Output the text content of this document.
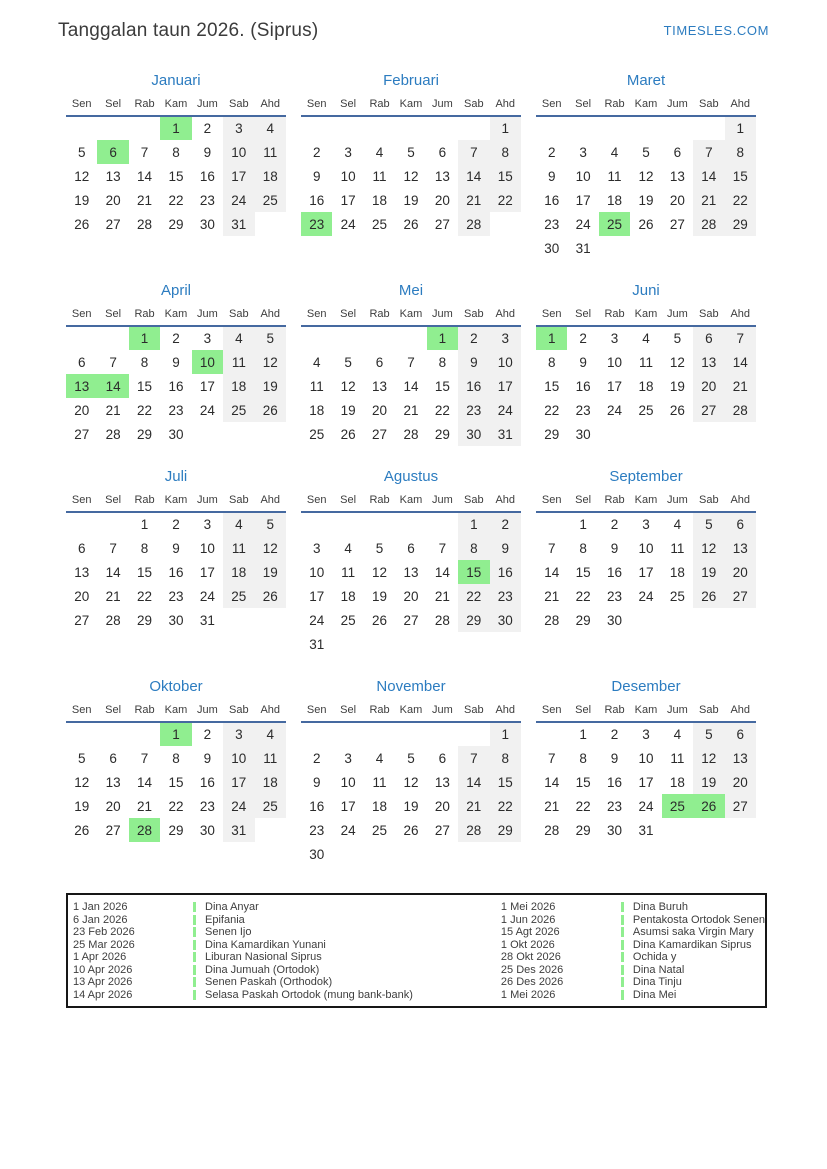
Tanggalan taun 2026. (Siprus)	TIMESLES.COM
Januari
Sen	Sel	Rab	Kam	Jum	Sab	Ahd
			1	2	3	4
5	6	7	8	9	10	11
12	13	14	15	16	17	18
19	20	21	22	23	24	25
26	27	28	29	30	31	
Februari
Sen	Sel	Rab	Kam	Jum	Sab	Ahd
						1
2	3	4	5	6	7	8
9	10	11	12	13	14	15
16	17	18	19	20	21	22
23	24	25	26	27	28	
Maret
Sen	Sel	Rab	Kam	Jum	Sab	Ahd
						1
2	3	4	5	6	7	8
9	10	11	12	13	14	15
16	17	18	19	20	21	22
23	24	25	26	27	28	29
30	31					
April
Sen	Sel	Rab	Kam	Jum	Sab	Ahd
		1	2	3	4	5
6	7	8	9	10	11	12
13	14	15	16	17	18	19
20	21	22	23	24	25	26
27	28	29	30			
Mei
Sen	Sel	Rab	Kam	Jum	Sab	Ahd
				1	2	3
4	5	6	7	8	9	10
11	12	13	14	15	16	17
18	19	20	21	22	23	24
25	26	27	28	29	30	31
Juni
Sen	Sel	Rab	Kam	Jum	Sab	Ahd
1	2	3	4	5	6	7
8	9	10	11	12	13	14
15	16	17	18	19	20	21
22	23	24	25	26	27	28
29	30					
Juli
Sen	Sel	Rab	Kam	Jum	Sab	Ahd
		1	2	3	4	5
6	7	8	9	10	11	12
13	14	15	16	17	18	19
20	21	22	23	24	25	26
27	28	29	30	31		
Agustus
Sen	Sel	Rab	Kam	Jum	Sab	Ahd
					1	2
3	4	5	6	7	8	9
10	11	12	13	14	15	16
17	18	19	20	21	22	23
24	25	26	27	28	29	30
31						
September
Sen	Sel	Rab	Kam	Jum	Sab	Ahd
	1	2	3	4	5	6
7	8	9	10	11	12	13
14	15	16	17	18	19	20
21	22	23	24	25	26	27
28	29	30				
Oktober
Sen	Sel	Rab	Kam	Jum	Sab	Ahd
			1	2	3	4
5	6	7	8	9	10	11
12	13	14	15	16	17	18
19	20	21	22	23	24	25
26	27	28	29	30	31	
November
Sen	Sel	Rab	Kam	Jum	Sab	Ahd
						1
2	3	4	5	6	7	8
9	10	11	12	13	14	15
16	17	18	19	20	21	22
23	24	25	26	27	28	29
30						
Desember
Sen	Sel	Rab	Kam	Jum	Sab	Ahd
	1	2	3	4	5	6
7	8	9	10	11	12	13
14	15	16	17	18	19	20
21	22	23	24	25	26	27
28	29	30	31			
1 Jan 2026	Dina Anyar
6 Jan 2026	Epifania
23 Feb 2026	Senen Ijo
25 Mar 2026	Dina Kamardikan Yunani
1 Apr 2026	Liburan Nasional Siprus
10 Apr 2026	Dina Jumuah (Ortodok)
13 Apr 2026	Senen Paskah (Orthodok)
14 Apr 2026	Selasa Paskah Ortodok (mung bank-bank)
1 Mei 2026	Dina Buruh
1 Jun 2026	Pentakosta Ortodok Senen
15 Agt 2026	Asumsi saka Virgin Mary
1 Okt 2026	Dina Kamardikan Siprus
28 Okt 2026	Ochida y
25 Des 2026	Dina Natal
26 Des 2026	Dina Tinju
1 Mei 2026	Dina Mei
